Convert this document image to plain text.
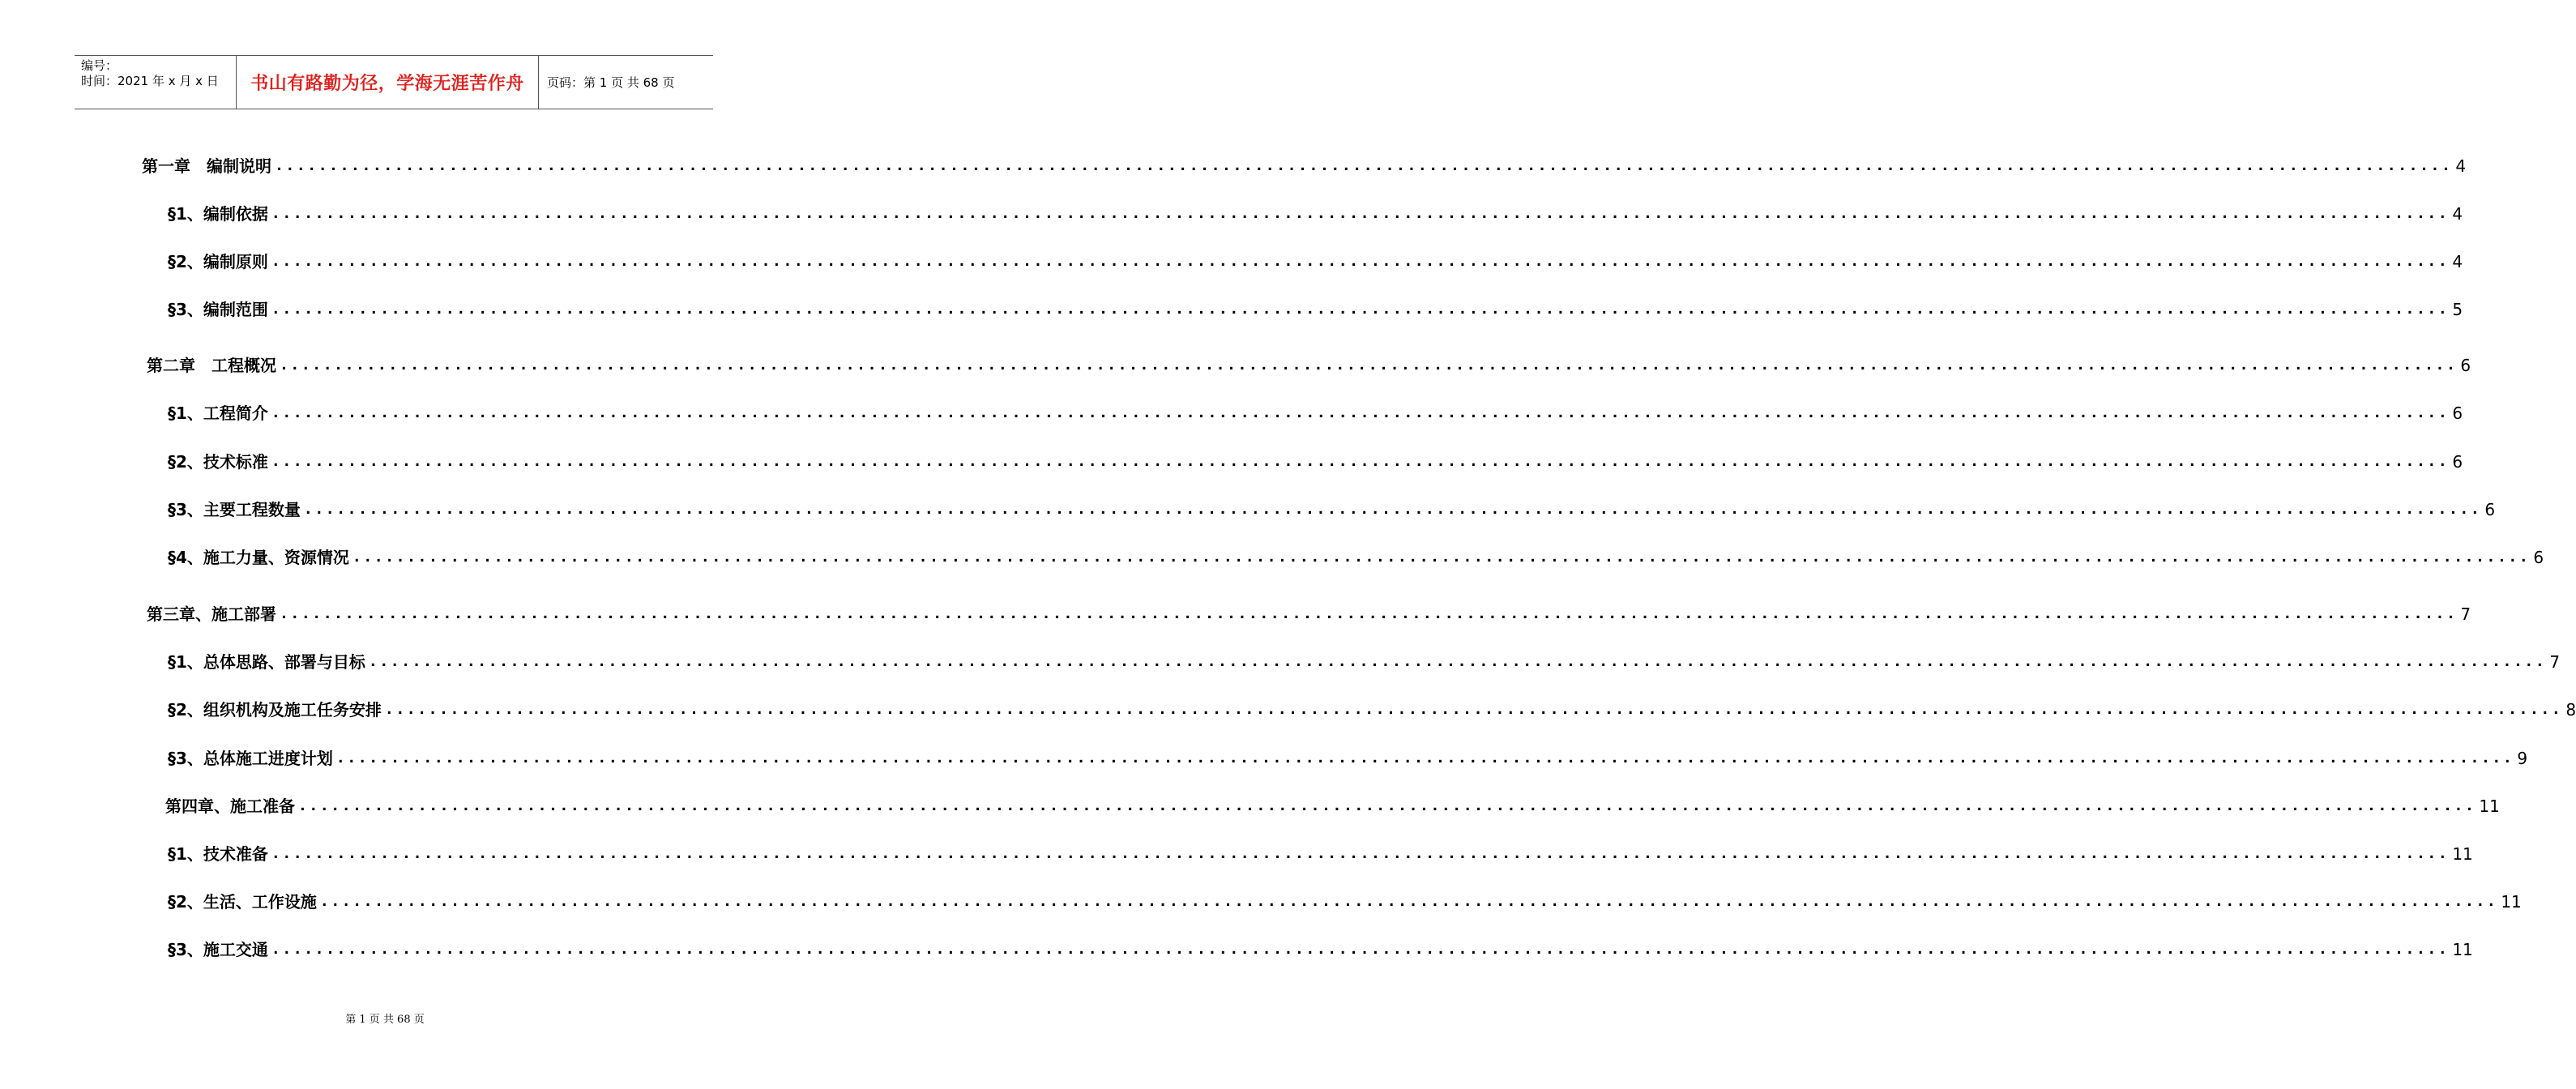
编号：
时间：2021 年 x 月 x 日	书山有路勤为径，学海无涯苦作舟	页码：第 1 页 共 68 页
第一章　编制说明 ........................................................................................................................................................................................................ 4
§1、编制依据 ........................................................................................................................................................................................................ 4
§2、编制原则 ........................................................................................................................................................................................................ 4
§3、编制范围 ........................................................................................................................................................................................................ 5
第二章　工程概况 ........................................................................................................................................................................................................ 6
§1、工程简介 ........................................................................................................................................................................................................ 6
§2、技术标准 ........................................................................................................................................................................................................ 6
§3、主要工程数量 ........................................................................................................................................................................................................ 6
§4、施工力量、资源情况 ........................................................................................................................................................................................................ 6
第三章、施工部署 ........................................................................................................................................................................................................ 7
§1、总体思路、部署与目标 ........................................................................................................................................................................................................ 7
§2、组织机构及施工任务安排 ........................................................................................................................................................................................................ 8
§3、总体施工进度计划 ........................................................................................................................................................................................................ 9
第四章、施工准备 ........................................................................................................................................................................................................ 11
§1、技术准备 ........................................................................................................................................................................................................ 11
§2、生活、工作设施 ........................................................................................................................................................................................................ 11
§3、施工交通 ........................................................................................................................................................................................................ 11
第 1 页 共 68 页
